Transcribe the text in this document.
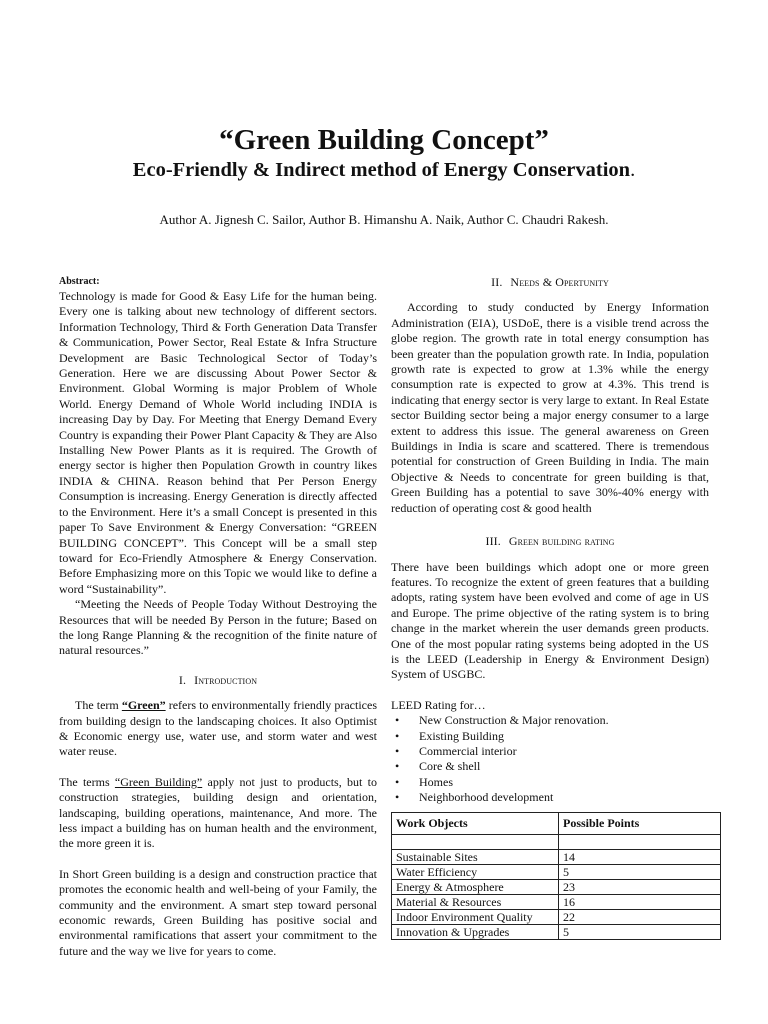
“Green Building Concept”
Eco-Friendly & Indirect method of Energy Conservation.

Author A. Jignesh C. Sailor, Author B. Himanshu A. Naik, Author C. Chaudri Rakesh.

Abstract:

Technology is made for Good & Easy Life for the human being. Every one is talking about new technology of different sectors. Information Technology, Third & Forth Generation Data Transfer & Communication, Power Sector, Real Estate & Infra Structure Development are Basic Technological Sector of Today’s Generation. Here we are discussing About Power Sector & Environment. Global Worming is major Problem of Whole World. Energy Demand of Whole World including INDIA is increasing Day by Day. For Meeting that Energy Demand Every Country is expanding their Power Plant Capacity & They are Also Installing New Power Plants as it is required. The Growth of energy sector is higher then Population Growth in country likes INDIA & CHINA. Reason behind that Per Person Energy Consumption is increasing. Energy Generation is directly affected to the Environment. Here it’s a small Concept is presented in this paper To Save Environment & Energy Conversation: “GREEN BUILDING CONCEPT”. This Concept will be a small step toward for Eco-Friendly Atmosphere & Energy Conservation. Before Emphasizing more on this Topic we would like to define a word “Sustainability”.

“Meeting the Needs of People Today Without Destroying the Resources that will be needed By Person in the future; Based on the long Range Planning & the recognition of the finite nature of natural resources.”

I. Introduction

The term “Green” refers to environmentally friendly practices from building design to the landscaping choices. It also Optimist & Economic energy use, water use, and storm water and west water reuse.

The terms “Green Building” apply not just to products, but to construction strategies, building design and orientation, landscaping, building operations, maintenance, And more. The less impact a building has on human health and the environment, the more green it is.

In Short Green building is a design and construction practice that promotes the economic health and well-being of your Family, the community and the environment. A smart step toward personal economic rewards, Green Building has positive social and environmental ramifications that assert your commitment to the future and the way we live for years to come.

II. Needs & Opertunity

According to study conducted by Energy Information Administration (EIA), USDoE, there is a visible trend across the globe region. The growth rate in total energy consumption has been greater than the population growth rate. In India, population growth rate is expected to grow at 1.3% while the energy consumption rate is expected to grow at 4.3%. This trend is indicating that energy sector is very large to extant. In Real Estate sector Building sector being a major energy consumer to a large extent to address this issue. The general awareness on Green Buildings in India is scare and scattered. There is tremendous potential for construction of Green Building in India. The main Objective & Needs to concentrate for green building is that, Green Building has a potential to save 30%-40% energy with reduction of operating cost & good health

III. Green building rating

There have been buildings which adopt one or more green features. To recognize the extent of green features that a building adopts, rating system have been evolved and come of age in US and Europe. The prime objective of the rating system is to bring change in the market wherein the user demands green products. One of the most popular rating systems being adopted in the US is the LEED (Leadership in Energy & Environment Design) System of USGBC.

LEED Rating for…

• New Construction & Major renovation.
• Existing Building
• Commercial interior
• Core & shell
• Homes
• Neighborhood development
Work Objects	Possible Points

Sustainable Sites	14
Water Efficiency	5
Energy & Atmosphere	23
Material & Resources	16
Indoor Environment Quality	22
Innovation & Upgrades	5
